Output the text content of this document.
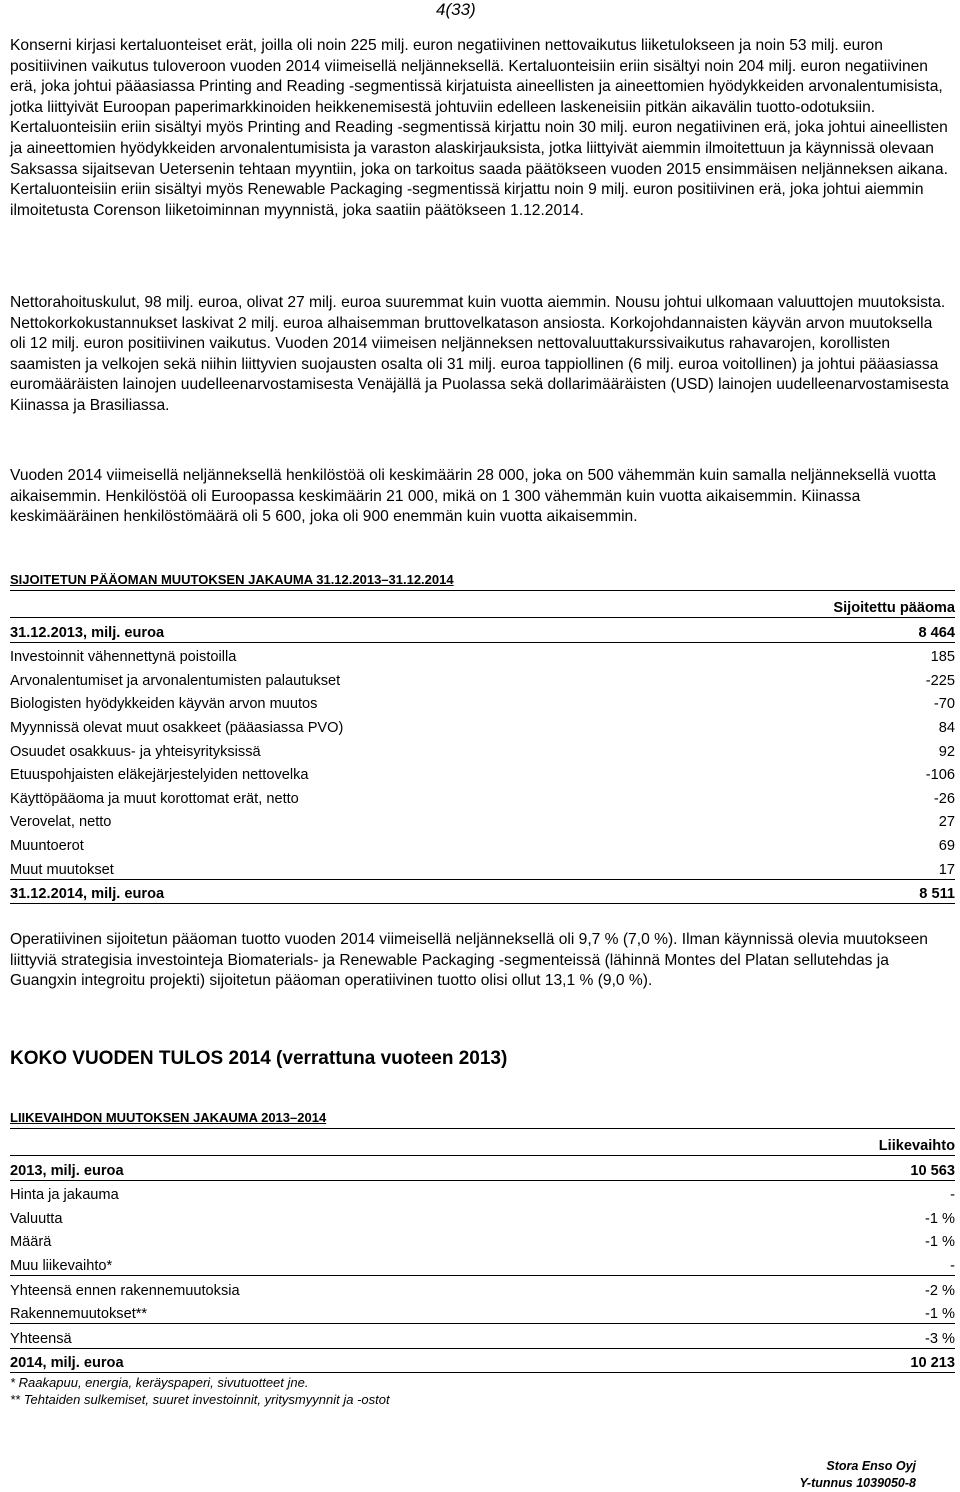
4(33)
Konserni kirjasi kertaluonteiset erät, joilla oli noin 225 milj. euron negatiivinen nettovaikutus liiketulokseen ja noin 53 milj. euron positiivinen vaikutus tuloveroon vuoden 2014 viimeisellä neljänneksellä. Kertaluonteisiin eriin sisältyi noin 204 milj. euron negatiivinen erä, joka johtui pääasiassa Printing and Reading -segmentissä kirjatuista aineellisten ja aineettomien hyödykkeiden arvonalentumisista, jotka liittyivät Euroopan paperimarkkinoiden heikkenemisestä johtuviin edelleen laskeneisiin pitkän aikavälin tuotto-odotuksiin. Kertaluonteisiin eriin sisältyi myös Printing and Reading -segmentissä kirjattu noin 30 milj. euron negatiivinen erä, joka johtui aineellisten ja aineettomien hyödykkeiden arvonalentumisista ja varaston alaskirjauksista, jotka liittyivät aiemmin ilmoitettuun ja käynnissä olevaan Saksassa sijaitsevan Uetersenin tehtaan myyntiin, joka on tarkoitus saada päätökseen vuoden 2015 ensimmäisen neljänneksen aikana. Kertaluonteisiin eriin sisältyi myös Renewable Packaging -segmentissä kirjattu noin 9 milj. euron positiivinen erä, joka johtui aiemmin ilmoitetusta Corenson liiketoiminnan myynnistä, joka saatiin päätökseen 1.12.2014.
Nettorahoituskulut, 98 milj. euroa, olivat 27 milj. euroa suuremmat kuin vuotta aiemmin. Nousu johtui ulkomaan valuuttojen muutoksista. Nettokorkokustannukset laskivat 2 milj. euroa alhaisemman bruttovelkatason ansiosta. Korkojohdannaisten käyvän arvon muutoksella oli 12 milj. euron positiivinen vaikutus. Vuoden 2014 viimeisen neljänneksen nettovaluuttakurssivaikutus rahavarojen, korollisten saamisten ja velkojen sekä niihin liittyvien suojausten osalta oli 31 milj. euroa tappiollinen (6 milj. euroa voitollinen) ja johtui pääasiassa euromääräisten lainojen uudelleenarvostamisesta Venäjällä ja Puolassa sekä dollarimääräisten (USD) lainojen uudelleenarvostamisesta Kiinassa ja Brasiliassa.
Vuoden 2014 viimeisellä neljänneksellä henkilöstöä oli keskimäärin 28 000, joka on 500 vähemmän kuin samalla neljänneksellä vuotta aikaisemmin. Henkilöstöä oli Euroopassa keskimäärin 21 000, mikä on 1 300 vähemmän kuin vuotta aikaisemmin. Kiinassa keskimääräinen henkilöstömäärä oli 5 600, joka oli 900 enemmän kuin vuotta aikaisemmin.
SIJOITETUN PÄÄOMAN MUUTOKSEN JAKAUMA 31.12.2013–31.12.2014
	Sijoitettu pääoma
31.12.2013, milj. euroa	8 464
Investoinnit vähennettynä poistoilla	185
Arvonalentumiset ja arvonalentumisten palautukset	-225
Biologisten hyödykkeiden käyvän arvon muutos	-70
Myynnissä olevat muut osakkeet (pääasiassa PVO)	84
Osuudet osakkuus- ja yhteisyrityksissä	92
Etuuspohjaisten eläkejärjestelyiden nettovelka	-106
Käyttöpääoma ja muut korottomat erät, netto	-26
Verovelat, netto	27
Muuntoerot	69
Muut muutokset	17
31.12.2014, milj. euroa	8 511
Operatiivinen sijoitetun pääoman tuotto vuoden 2014 viimeisellä neljänneksellä oli 9,7 % (7,0 %). Ilman käynnissä olevia muutokseen liittyviä strategisia investointeja Biomaterials- ja Renewable Packaging -segmenteissä (lähinnä Montes del Platan sellutehdas ja Guangxin integroitu projekti) sijoitetun pääoman operatiivinen tuotto olisi ollut 13,1 % (9,0 %).
KOKO VUODEN TULOS 2014 (verrattuna vuoteen 2013)
LIIKEVAIHDON MUUTOKSEN JAKAUMA 2013–2014
	Liikevaihto
2013, milj. euroa	10 563
Hinta ja jakauma	-
Valuutta	-1 %
Määrä	-1 %
Muu liikevaihto*	-
Yhteensä ennen rakennemuutoksia	-2 %
Rakennemuutokset**	-1 %
Yhteensä	-3 %
2014, milj. euroa	10 213
* Raakapuu, energia, keräyspaperi, sivutuotteet jne.
** Tehtaiden sulkemiset, suuret investoinnit, yritysmyynnit ja -ostot
Stora Enso Oyj
Y-tunnus 1039050-8
